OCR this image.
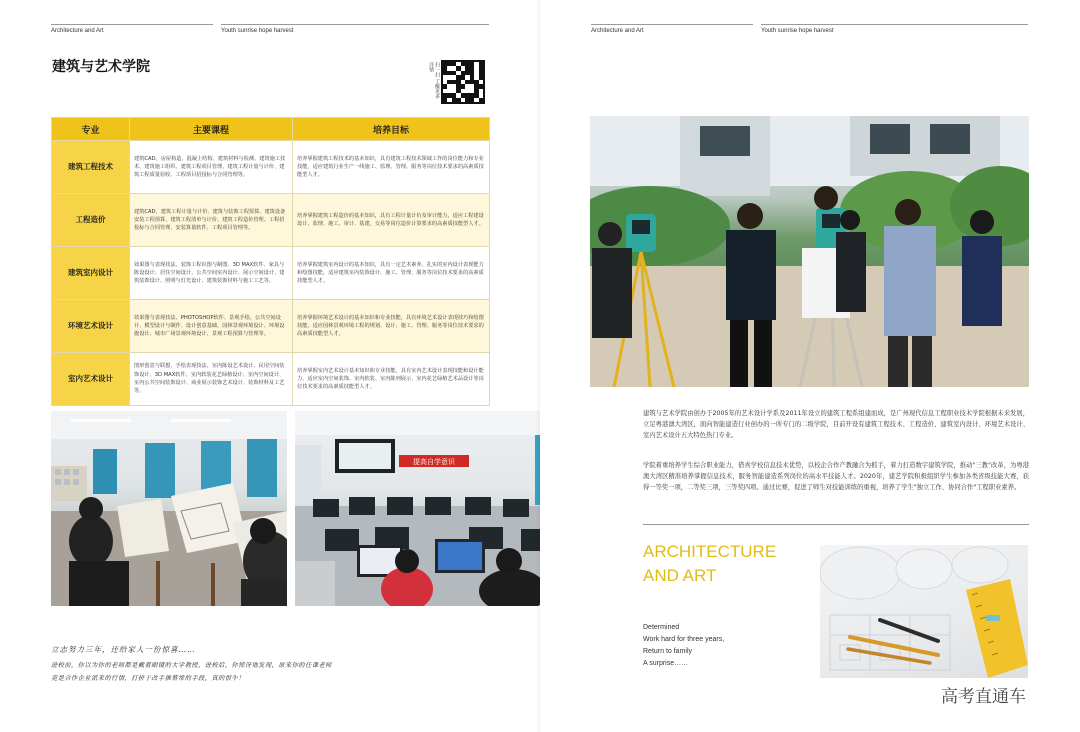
Architecture and Art	Youth sunrise hope harvest
建筑与艺术学院	扫一扫 了解更多详情
专业	主要课程	培养目标
建筑工程技术	建筑CAD、房屋构造、混凝土结构、建筑材料与检测、建筑施工技术、建筑施工组织、建筑工程项目管理、建筑工程计量与计价、建筑工程质量验收、工程项目招投标与合同管理等。	培养掌握建筑工程技术的基本知识，具有建筑工程技术领域工作的岗位能力和专业技能，适应建筑行业生产一线施工、监理、管理、服务等岗位技术要求的高素质技能型人才。
工程造价	建筑CAD、建筑工程计量与计价、建筑与装饰工程预算、建筑设备安装工程预算、建筑工程清单与计价、建筑工程造价管理、工程招投标与合同管理、安装算量软件、工程项目管理等。	培养掌握建筑工程造价的基本知识，具有工程计量计价及审计能力，适应工程建设设计、监理、施工、审计、基建、交易等岗位造价计算要求的高素质技能型人才。
建筑室内设计	效果图与表现技法、装饰工程识图与制图、3D MAX软件、家具与陈设设计、居住空间设计、公共空间室内设计、展示空间设计、建筑装饰设计、照明与灯光设计、建筑装饰材料与施工工艺等。	培养掌握建筑室内设计的基本知识，具有一定艺术素养、扎实的室内设计表现能力和绘图技能，适应建筑室内装饰设计、施工、管理、服务等岗位技术要求的高素质技能型人才。
环境艺术设计	效果图与表现技法、PHOTOSHOP软件、景观手绘、公共空间设计、模型设计与制作、设计创意基础、园林景观环境设计、环境设施设计、城市广场景观环境设计、景观工程预算与管理等。	培养掌握环境艺术设计的基本知识和专业技能，具有环境艺术设计表现技巧和绘图技能，适应园林景观环境工程的规划、设计、施工、管理、服务等岗位技术要求的高素质技能型人才。
室内艺术设计	图形创意与联想、手绘表现技法、室内陈设艺术设计、民用空间装饰设计、3D MAX软件、室内软装花艺绿植设计、室内空间设计、室内公共空间装饰设计、商业展示装饰艺术设计、装饰材料及工艺等。	培养掌握室内艺术设计基本知识和专业技能，具有室内艺术设计表现技能和设计能力，适应室内空间装饰、室内软装、室内陈列展示、室内花艺绿植艺术品设计等岗位技术要求的高素质技能型人才。
提高自学意识
立志努力三年，还给家人一份惊喜……
进校前，你以为你的老师都是戴着眼镜的大学教授，进校后，你惊讶地发现，原来你的任课老师
竟是合作企业派来的行情，打拼于改手推蔡常的手段，真的很牛！
Architecture and Art	Youth sunrise hope harvest
建筑与艺术学院由创办于2005年的艺术设计学系及2011年设立的建筑工程系组建而成，是广州现代信息工程职业技术学院根据未来发展，立足粤港澳大湾区，面向智能建造行业创办的一所专门的二级学院，目前开设有建筑工程技术、工程造价、建筑室内设计、环境艺术设计、室内艺术设计五大特色热门专业。
学院着重培养学生综合职业能力，借喜学校信息技术优势，以校企合作产教融合为抓手，着力打造数字建筑学院，推动"三教"改革，为粤港澳大湾区精准培养掌握信息技术，服务智能建造系列岗位的高水平技能人才。2020年，建艺学院积极组织学生参加各类省级技能大赛，获得一等奖一项，二等奖三项，三等奖四项。通过比赛，促进了师生对技能训练的重视，培养了学生"独立工作、协同合作"工程职业素养。
ARCHITECTURE
AND ART
Determined
Work hard for three years,
Return to family
A surprise……
高考直通车
